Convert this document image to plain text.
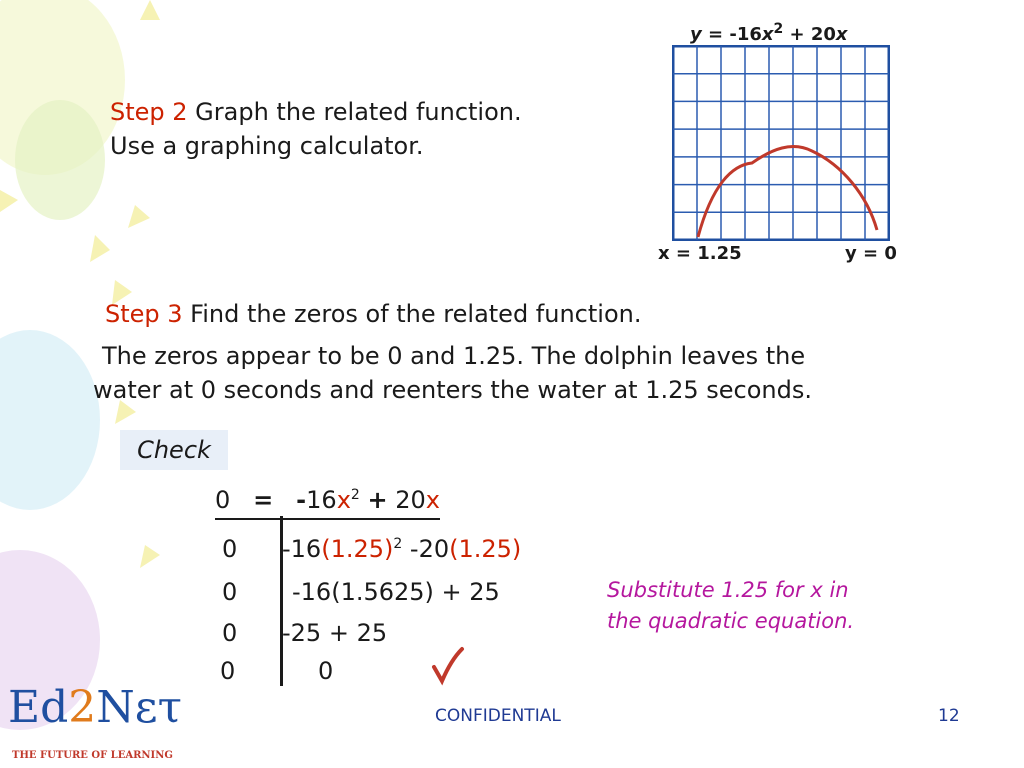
$y = -16x^2 + 20x$
x = 1.25	y = 0
Step 2 Graph the related function.
Use a graphing calculator.
Step 3 Find the zeros of the related function.
The zeros appear to be 0 and 1.25. The dolphin leaves the
water at 0 seconds and reenters the water at 1.25 seconds.
Check
$0 = -16x^2 + 20x$
0 $-16(1.25)^2$ -20(1.25)
0 -16(1.5625) + 25
0 -25 + 25
0	0
Substitute 1.25 for x in
the quadratic equation.
CONFIDENTIAL	12
Ed2Nετ
THE FUTURE OF LEARNING
